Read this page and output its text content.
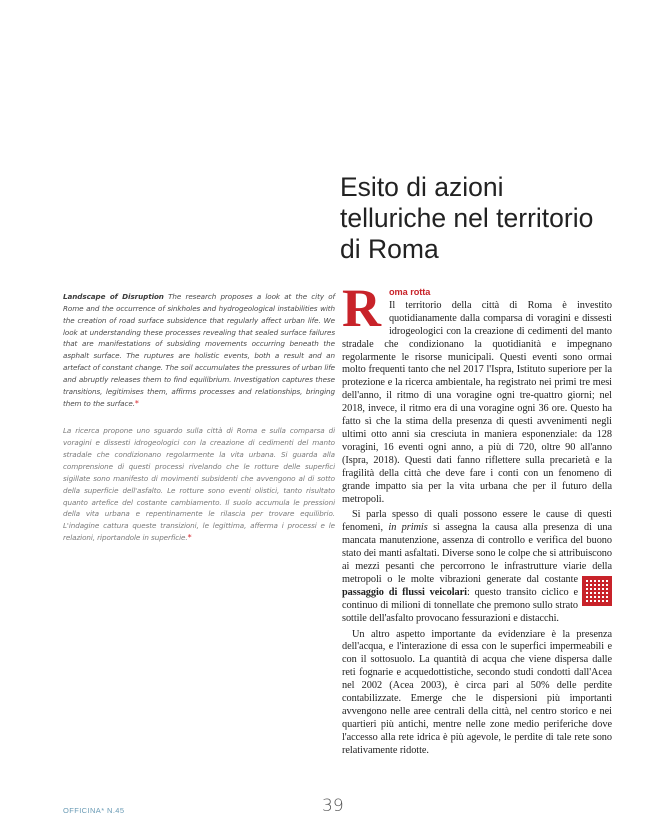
Esito di azioni
telluriche nel territorio
di Roma

Landscape of Disruption The research proposes a look at the city of Rome and the occurrence of sinkholes and hydrogeological instabilities with the creation of road surface subsidence that regularly affect urban life. We look at understanding these processes revealing that sealed surface failures that are manifestations of subsiding movements occurring beneath the asphalt surface. The ruptures are holistic events, both a result and an artefact of constant change. The soil accumulates the pressures of urban life and abruptly releases them to find equilibrium. Investigation captures these transitions, legitimises them, affirms processes and relationships, bringing them to the surface.*

La ricerca propone uno sguardo sulla città di Roma e sulla comparsa di voragini e dissesti idrogeologici con la creazione di cedimenti del manto stradale che condizionano regolarmente la vita urbana. Si guarda alla comprensione di questi processi rivelando che le rotture delle superfici sigillate sono manifesto di movimenti subsidenti che avvengono al di sotto della superficie dell'asfalto. Le rotture sono eventi olistici, tanto risultato quanto artefice del costante cambiamento. Il suolo accumula le pressioni della vita urbana e repentinamente le rilascia per trovare equilibrio. L'indagine cattura queste transizioni, le legittima, afferma i processi e le relazioni, riportandole in superficie.*

Roma rotta
Il territorio della città di Roma è investito quotidianamente dalla comparsa di voragini e dissesti idrogeologici con la creazione di cedimenti del manto stradale che condizionano la quotidianità e impegnano regolarmente le risorse municipali. Questi eventi sono ormai molto frequenti tanto che nel 2017 l'Ispra, Istituto superiore per la protezione e la ricerca ambientale, ha registrato nei primi tre mesi dell'anno, il ritmo di una voragine ogni tre-quattro giorni; nel 2018, invece, il ritmo era di una voragine ogni 36 ore. Questo ha fatto sì che la stima della presenza di questi avvenimenti negli ultimi otto anni sia cresciuta in maniera esponenziale: da 128 voragini, 16 eventi ogni anno, a più di 720, oltre 90 all'anno (Ispra, 2018). Questi dati fanno riflettere sulla precarietà e la fragilità della città che deve fare i conti con un fenomeno di grande impatto sia per la vita urbana che per il futuro della metropoli.

Si parla spesso di quali possono essere le cause di questi fenomeni, in primis si assegna la causa alla presenza di una mancata manutenzione, assenza di controllo e verifica del buono stato dei manti asfaltati. Diverse sono le colpe che si attribuiscono ai mezzi pesanti che percorrono le infrastrutture viarie della metropoli o le molte vibrazioni generate dal costante
passaggio di flussi veicolari: questo transito ciclico e continuo di milioni di tonnellate che premono sullo strato sottile dell'asfalto provocano fessurazioni e distacchi.

Un altro aspetto importante da evidenziare è la presenza dell'acqua, e l'interazione di essa con le superfici impermeabili e con il sottosuolo. La quantità di acqua che viene dispersa dalle reti fognarie e acquedottistiche, secondo studi condotti dall'Acea nel 2002 (Acea 2003), è circa pari al 50% delle perdite contabilizzate. Emerge che le dispersioni più importanti avvengono nelle aree centrali della città, nel centro storico e nei quartieri più antichi, mentre nelle zone medio periferiche dove l'accesso alla rete idrica è più agevole, le perdite di tale rete sono relativamente ridotte.

OFFICINA* N.45	39
